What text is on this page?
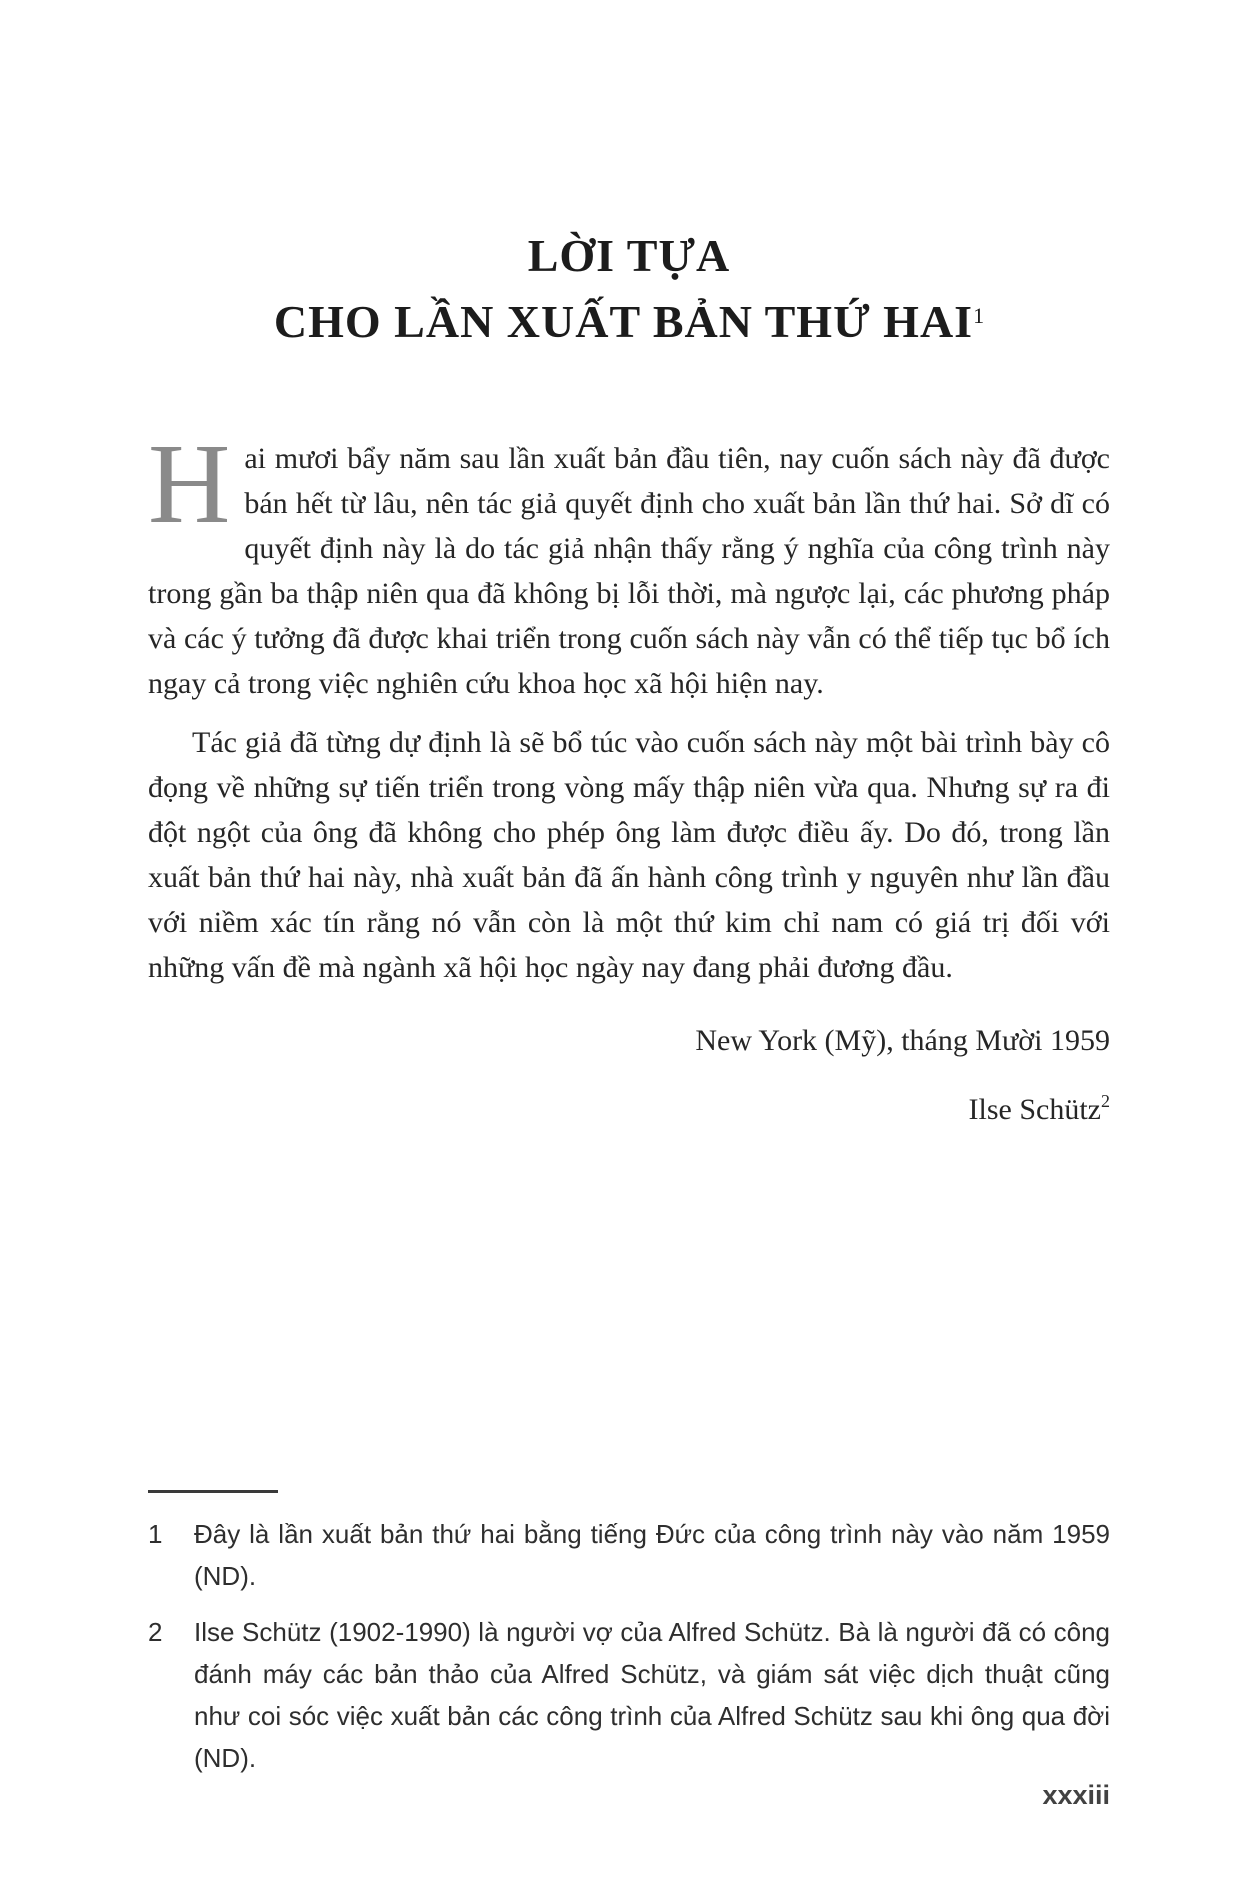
LỜI TỰA
CHO LẦN XUẤT BẢN THỨ HAI$^1$

Hai mươi bẩy năm sau lần xuất bản đầu tiên, nay cuốn sách này đã được bán hết từ lâu, nên tác giả quyết định cho xuất bản lần thứ hai. Sở dĩ có quyết định này là do tác giả nhận thấy rằng ý nghĩa của công trình này trong gần ba thập niên qua đã không bị lỗi thời, mà ngược lại, các phương pháp và các ý tưởng đã được khai triển trong cuốn sách này vẫn có thể tiếp tục bổ ích ngay cả trong việc nghiên cứu khoa học xã hội hiện nay.

Tác giả đã từng dự định là sẽ bổ túc vào cuốn sách này một bài trình bày cô đọng về những sự tiến triển trong vòng mấy thập niên vừa qua. Nhưng sự ra đi đột ngột của ông đã không cho phép ông làm được điều ấy. Do đó, trong lần xuất bản thứ hai này, nhà xuất bản đã ấn hành công trình y nguyên như lần đầu với niềm xác tín rằng nó vẫn còn là một thứ kim chỉ nam có giá trị đối với những vấn đề mà ngành xã hội học ngày nay đang phải đương đầu.

New York (Mỹ), tháng Mười 1959

Ilse Schütz$^2$

1	Đây là lần xuất bản thứ hai bằng tiếng Đức của công trình này vào năm 1959 (ND).
2	Ilse Schütz (1902-1990) là người vợ của Alfred Schütz. Bà là người đã có công đánh máy các bản thảo của Alfred Schütz, và giám sát việc dịch thuật cũng như coi sóc việc xuất bản các công trình của Alfred Schütz sau khi ông qua đời (ND).
xxxiii
